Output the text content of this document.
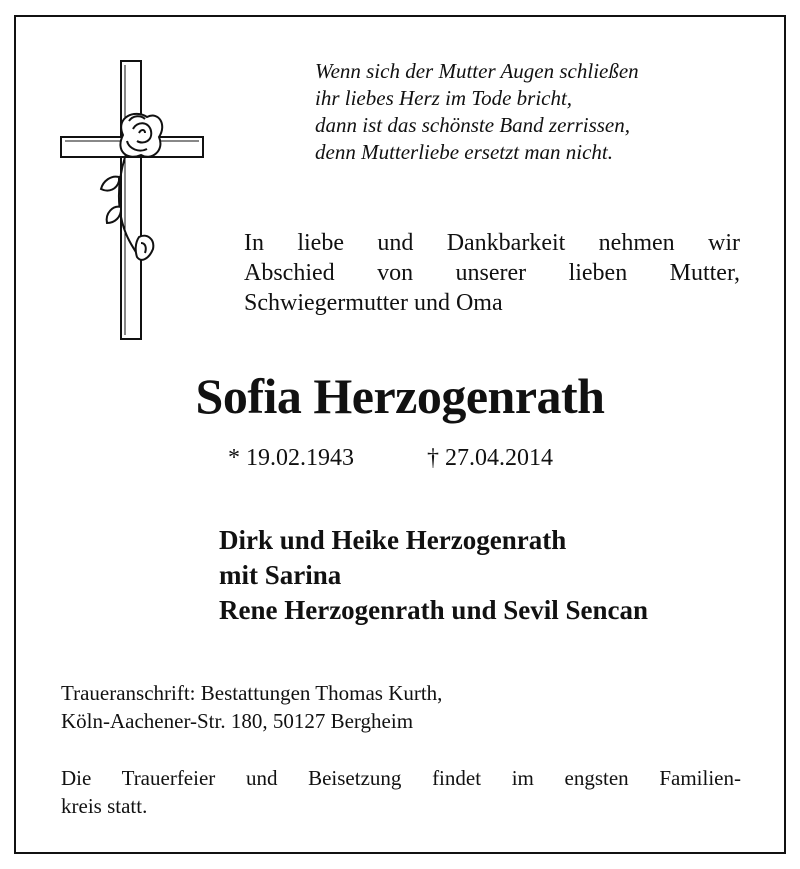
Wenn sich der Mutter Augen schließen
ihr liebes Herz im Tode bricht,
dann ist das schönste Band zerrissen,
denn Mutterliebe ersetzt man nicht.
In liebe und Dankbarkeit nehmen wir
Abschied von unserer lieben Mutter,
Schwiegermutter und Oma
Sofia Herzogenrath
* 19.02.1943	† 27.04.2014
Dirk und Heike Herzogenrath
mit Sarina
Rene Herzogenrath und Sevil Sencan
Traueranschrift: Bestattungen Thomas Kurth,
Köln-Aachener-Str. 180, 50127 Bergheim
Die Trauerfeier und Beisetzung findet im engsten Familien-
kreis statt.
